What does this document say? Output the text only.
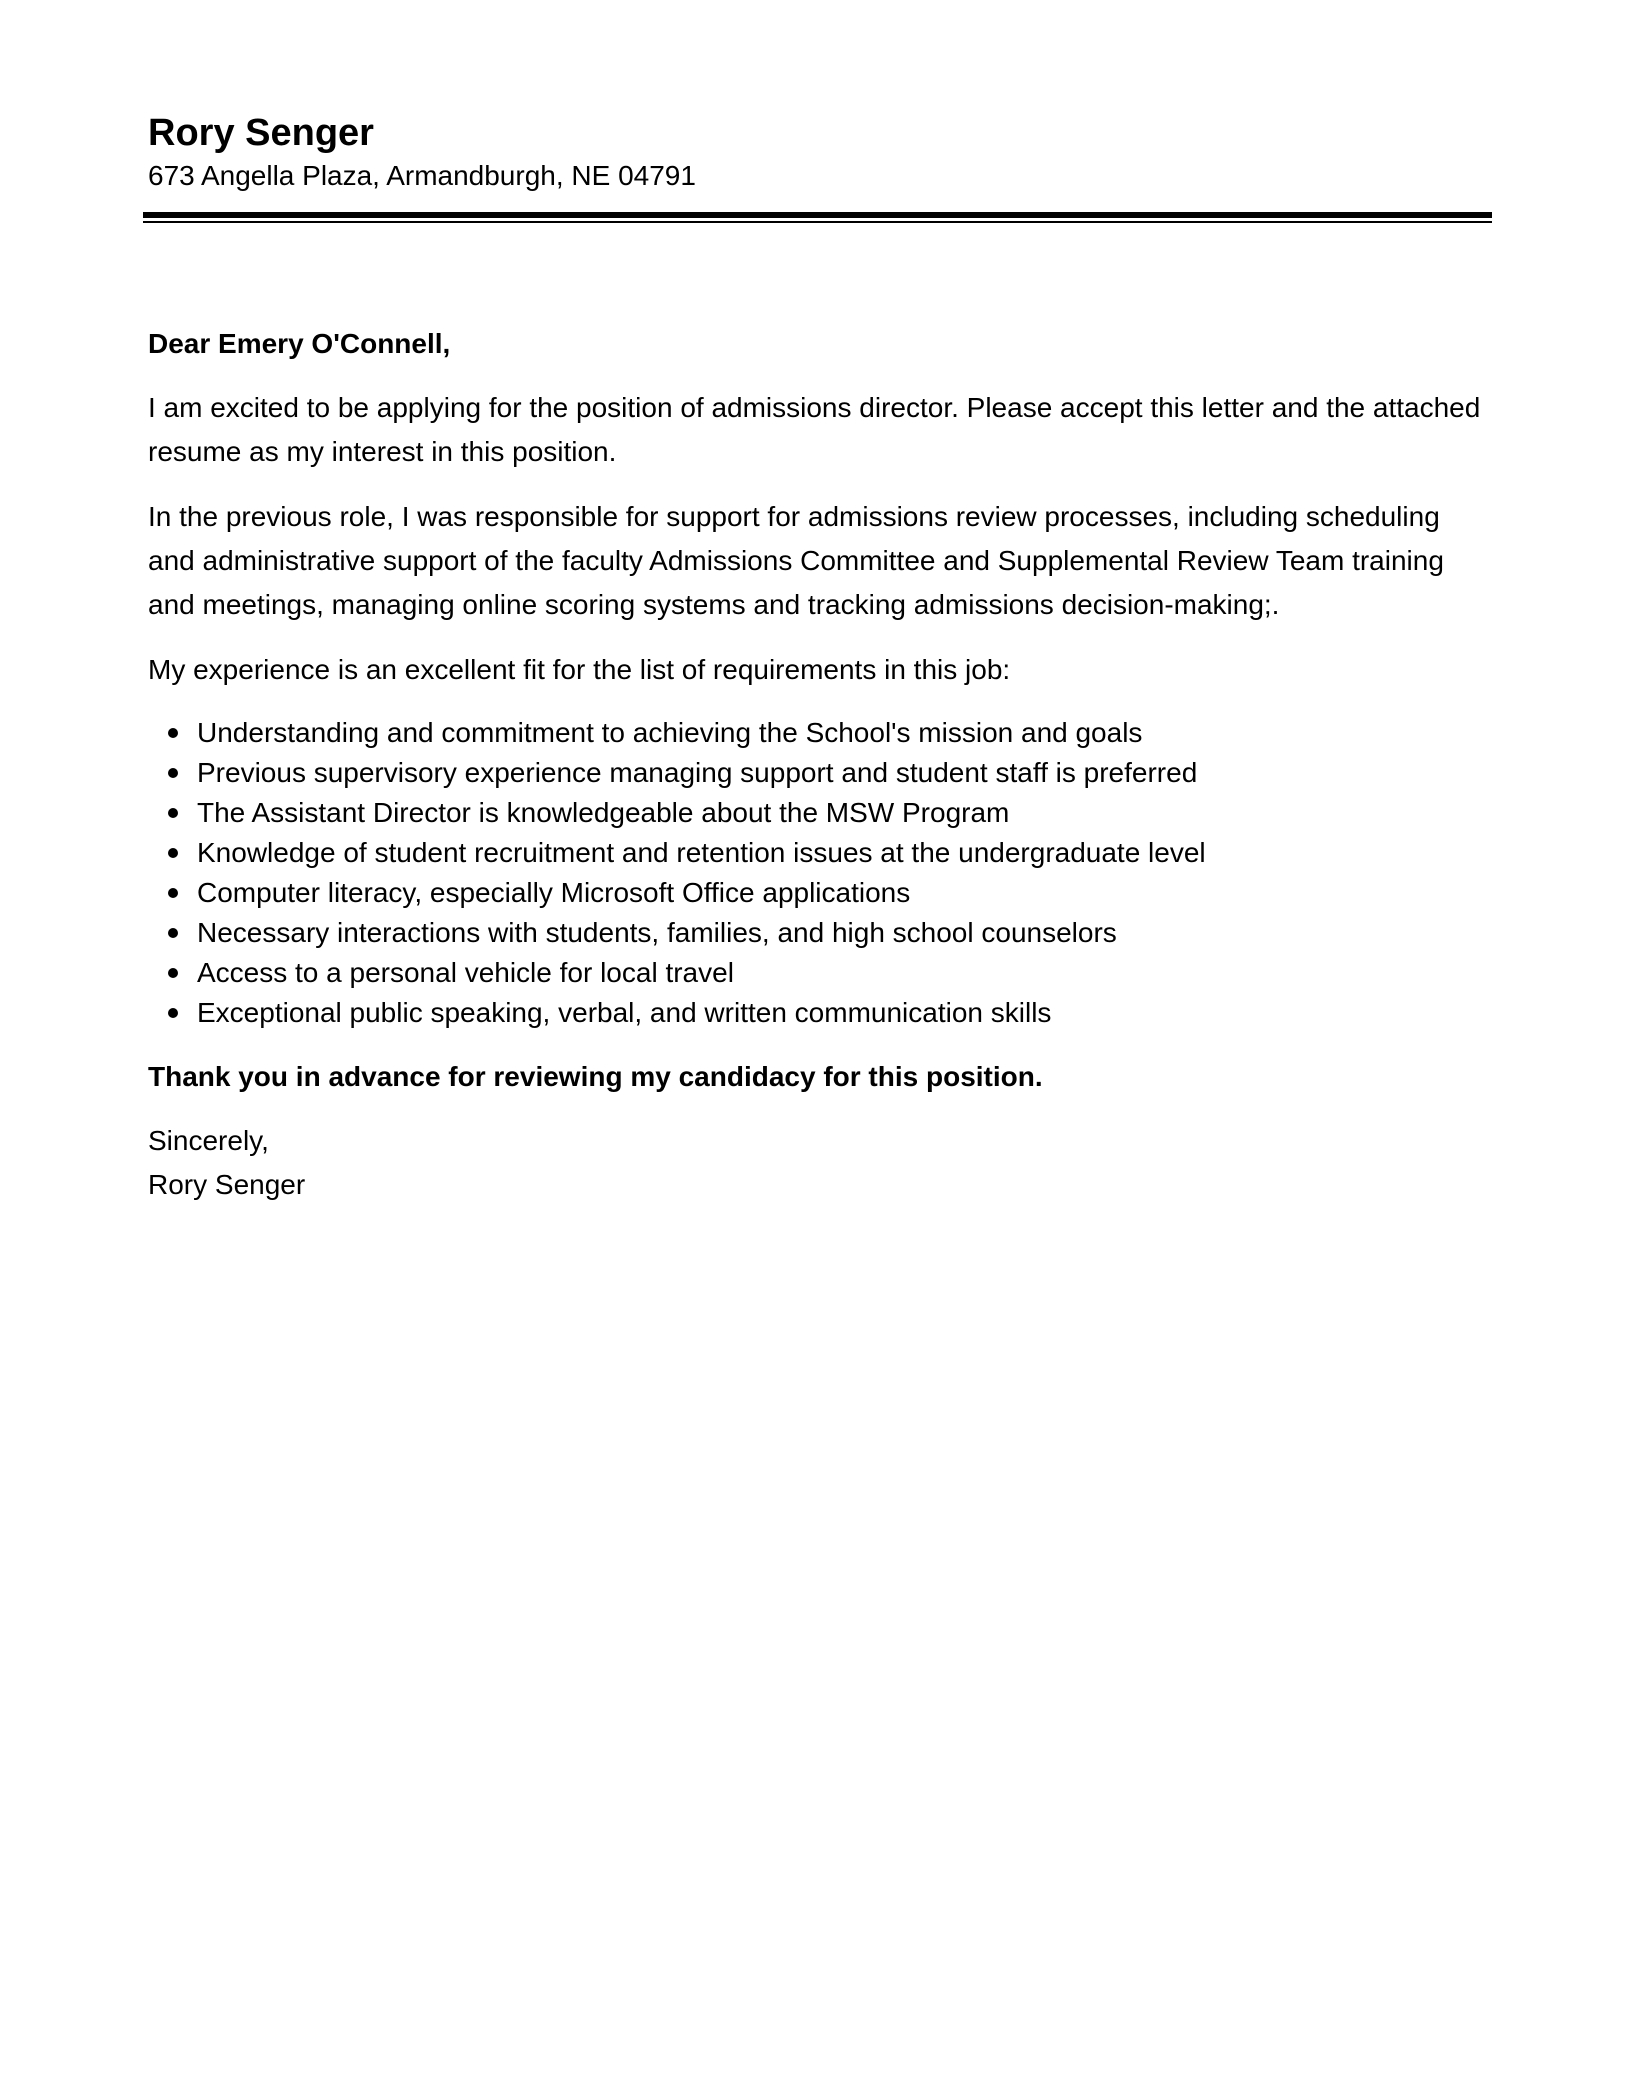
Rory Senger
673 Angella Plaza, Armandburgh, NE 04791

Dear Emery O'Connell,

I am excited to be applying for the position of admissions director. Please accept this letter and the attached resume as my interest in this position.

In the previous role, I was responsible for support for admissions review processes, including scheduling and administrative support of the faculty Admissions Committee and Supplemental Review Team training and meetings, managing online scoring systems and tracking admissions decision-making;.

My experience is an excellent fit for the list of requirements in this job:

Understanding and commitment to achieving the School's mission and goals
Previous supervisory experience managing support and student staff is preferred
The Assistant Director is knowledgeable about the MSW Program
Knowledge of student recruitment and retention issues at the undergraduate level
Computer literacy, especially Microsoft Office applications
Necessary interactions with students, families, and high school counselors
Access to a personal vehicle for local travel
Exceptional public speaking, verbal, and written communication skills

Thank you in advance for reviewing my candidacy for this position.

Sincerely,

Rory Senger
